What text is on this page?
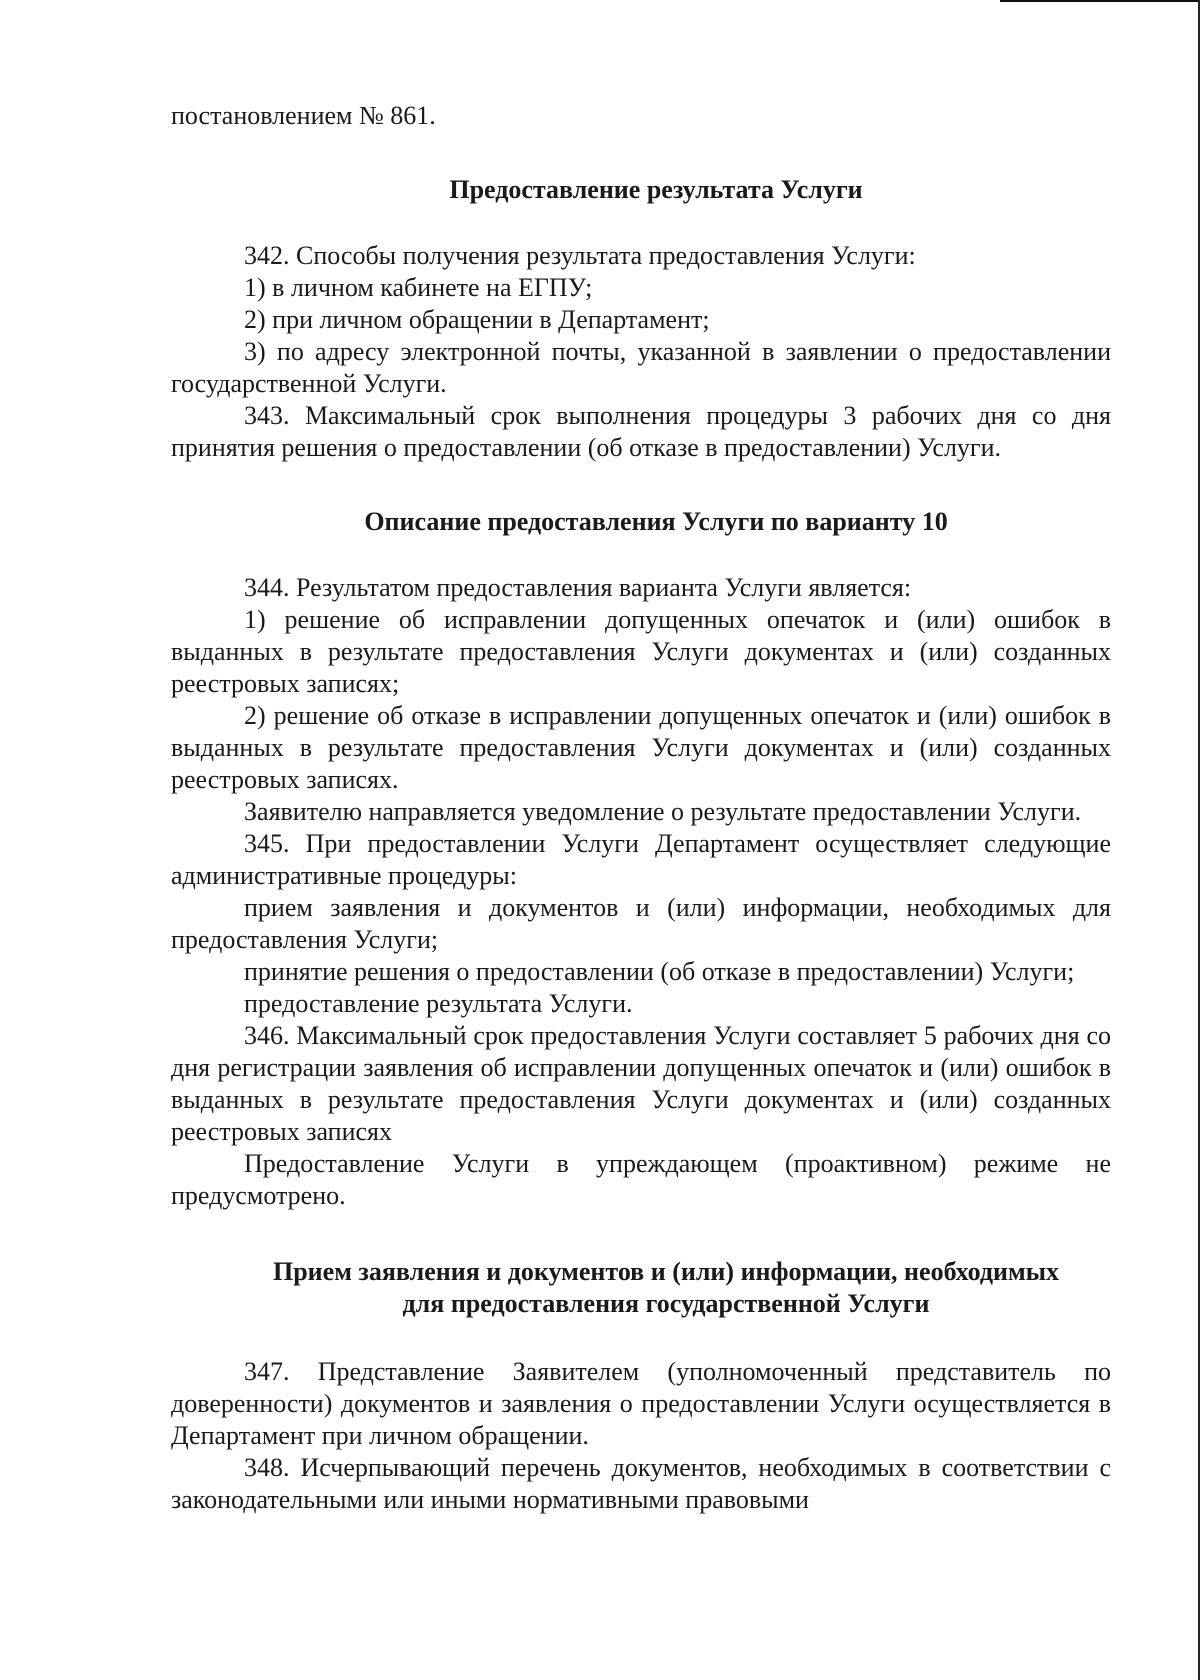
постановлением № 861.

Предоставление результата Услуги

342. Способы получения результата предоставления Услуги:

1) в личном кабинете на ЕГПУ;

2) при личном обращении в Департамент;

3) по адресу электронной почты, указанной в заявлении о предоставлении государственной Услуги.

343. Максимальный срок выполнения процедуры 3 рабочих дня со дня принятия решения о предоставлении (об отказе в предоставлении) Услуги.

Описание предоставления Услуги по варианту 10

344. Результатом предоставления варианта Услуги является:

1) решение об исправлении допущенных опечаток и (или) ошибок в выданных в результате предоставления Услуги документах и (или) созданных реестровых записях;

2) решение об отказе в исправлении допущенных опечаток и (или) ошибок в выданных в результате предоставления Услуги документах и (или) созданных реестровых записях.

Заявителю направляется уведомление о результате предоставлении Услуги.

345. При предоставлении Услуги Департамент осуществляет следующие административные процедуры:

прием заявления и документов и (или) информации, необходимых для предоставления Услуги;

принятие решения о предоставлении (об отказе в предоставлении) Услуги;

предоставление результата Услуги.

346. Максимальный срок предоставления Услуги составляет 5 рабочих дня со дня регистрации заявления об исправлении допущенных опечаток и (или) ошибок в выданных в результате предоставления Услуги документах и (или) созданных реестровых записях

Предоставление Услуги в упреждающем (проактивном) режиме не предусмотрено.

Прием заявления и документов и (или) информации, необходимых
для предоставления государственной Услуги

347. Представление Заявителем (уполномоченный представитель по доверенности) документов и заявления о предоставлении Услуги осуществляется в Департамент при личном обращении.

348. Исчерпывающий перечень документов, необходимых в соответствии с законодательными или иными нормативными правовыми
